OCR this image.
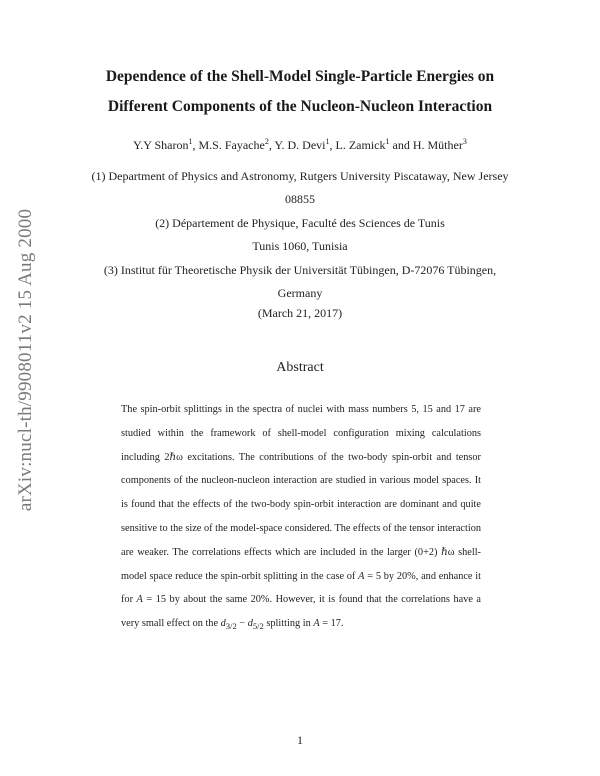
arXiv:nucl-th/9908011v2 15 Aug 2000
Dependence of the Shell-Model Single-Particle Energies on
Different Components of the Nucleon-Nucleon Interaction
Y.Y Sharon$^1$, M.S. Fayache$^2$, Y. D. Devi$^1$, L. Zamick$^1$ and H. Müther$^3$
(1) Department of Physics and Astronomy, Rutgers University Piscataway, New Jersey
08855
(2) Département de Physique, Faculté des Sciences de Tunis
Tunis 1060, Tunisia
(3) Institut für Theoretische Physik der Universität Tübingen, D-72076 Tübingen,
Germany
(March 21, 2017)
Abstract
The spin-orbit splittings in the spectra of nuclei with mass numbers 5, 15 and 17 are studied within the framework of shell-model configuration mixing calculations including 2ℏω excitations. The contributions of the two-body spin-orbit and tensor components of the nucleon-nucleon interaction are studied in various model spaces. It is found that the effects of the two-body spin-orbit interaction are dominant and quite sensitive to the size of the model-space considered. The effects of the tensor interaction are weaker. The correlations effects which are included in the larger (0+2) ℏω shell-model space reduce the spin-orbit splitting in the case of A = 5 by 20%, and enhance it for A = 15 by about the same 20%. However, it is found that the correlations have a very small effect on the $d_{3/2} - d_{5/2}$ splitting in A = 17.
1
